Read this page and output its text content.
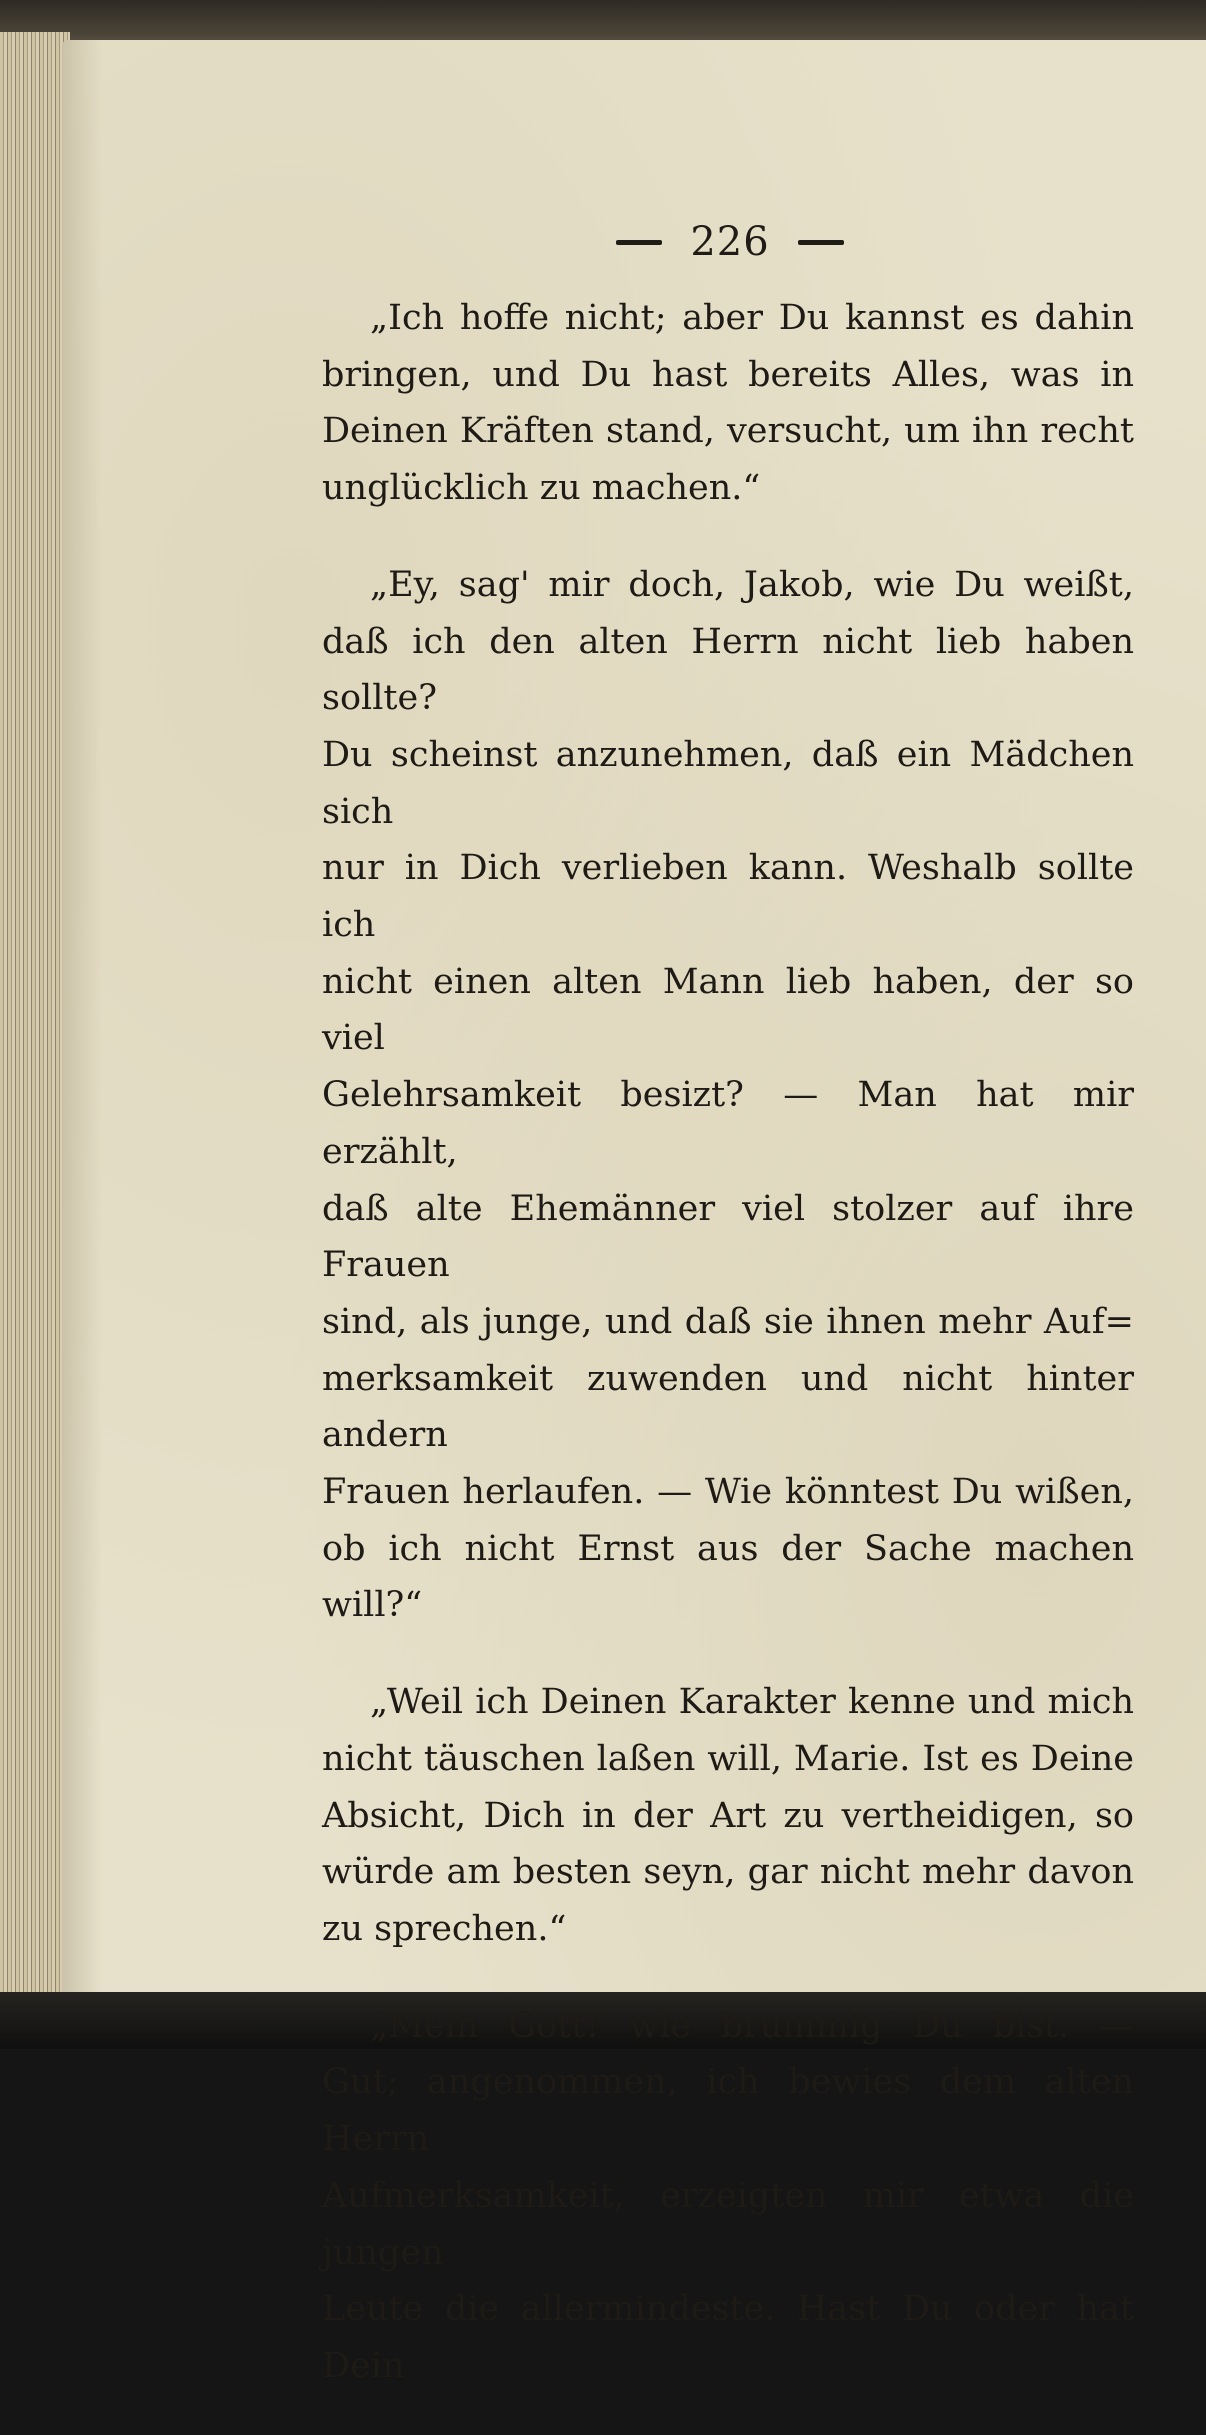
226

„Ich hoffe nicht; aber Du kannst es dahin
bringen, und Du hast bereits Alles, was in
Deinen Kräften stand, versucht, um ihn recht
unglücklich zu machen.“

„Ey, sag' mir doch, Jakob, wie Du weißt,
daß ich den alten Herrn nicht lieb haben sollte?
Du scheinst anzunehmen, daß ein Mädchen sich
nur in Dich verlieben kann. Weshalb sollte ich
nicht einen alten Mann lieb haben, der so viel
Gelehrsamkeit besizt? — Man hat mir erzählt,
daß alte Ehemänner viel stolzer auf ihre Frauen
sind, als junge, und daß sie ihnen mehr Auf=
merksamkeit zuwenden und nicht hinter andern
Frauen herlaufen. — Wie könntest Du wißen,
ob ich nicht Ernst aus der Sache machen will?“

„Weil ich Deinen Karakter kenne und mich
nicht täuschen laßen will, Marie. Ist es Deine
Absicht, Dich in der Art zu vertheidigen, so
würde am besten seyn, gar nicht mehr davon
zu sprechen.“

„Mein Gott! wie brummig Du bist. —
Gut; angenommen, ich bewies dem alten Herrn
Aufmerksamkeit, erzeigten mir etwa die jungen
Leute die allermindeste. Hast Du oder hat Dein
